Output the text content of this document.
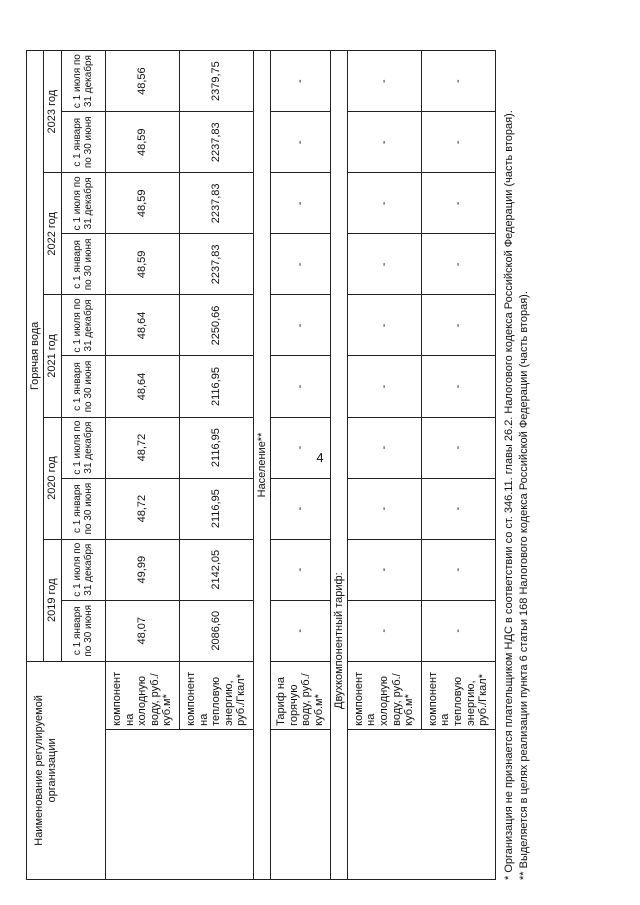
4
Наименование регулируемой организации		Горячая вода									
		2019 год		2020 год		2021 год		2022 год		2023 год	
		с 1 января по 30 июня	с 1 июля по 31 декабря	с 1 января по 30 июня	с 1 июля по 31 декабря	с 1 января по 30 июня	с 1 июля по 31 декабря	с 1 января по 30 июня	с 1 июля по 31 декабря	с 1 января по 30 июня	с 1 июля по 31 декабря
	компонент на холодную воду, руб./куб.м*	48,07	49,99	48,72	48,72	48,64	48,64	48,59	48,59	48,59	48,56
	компонент на тепловую энергию, руб./Гкал*	2086,60	2142,05	2116,95	2116,95	2116,95	2250,66	2237,83	2237,83	2237,83	2379,75
Население**											
	Тариф на горячую воду, руб./куб.м*	-	-	-	-	-	-	-	-	-	-
Двухкомпонентный тариф:											
	компонент на холодную воду, руб./куб.м*	-	-	-	-	-	-	-	-	-	-
	компонент на тепловую энергию, руб./Гкал*	-	-	-	-	-	-	-	-	-	-

* Организация не признается плательщиком НДС в соответствии со ст. 346.11. главы 26.2. Налогового кодекса Российской Федерации (часть вторая). ** Выделяется в целях реализации пункта 6 статьи 168 Налогового кодекса Российской Федерации (часть вторая).
